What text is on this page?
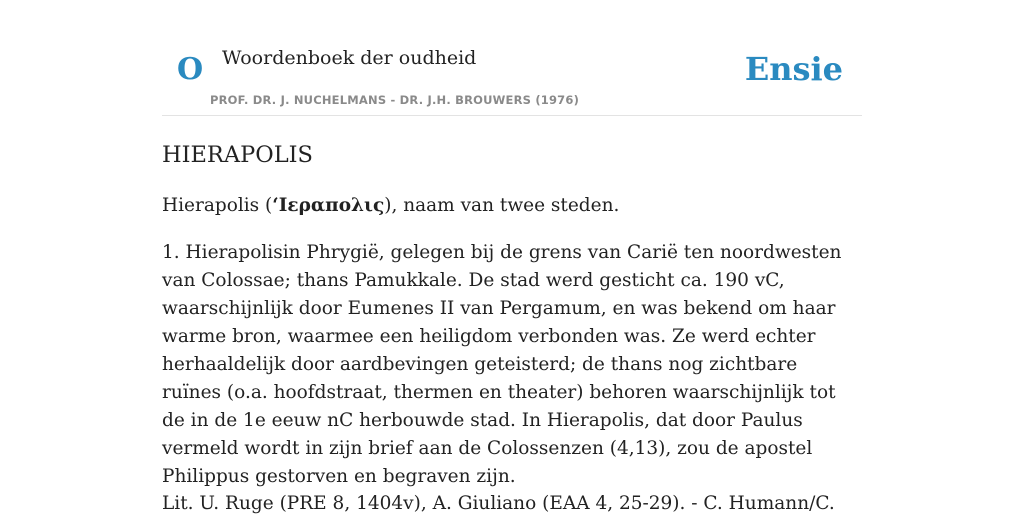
O Woordenboek der oudheid
PROF. DR. J. NUCHELMANS - DR. J.H. BROUWERS (1976)
Ensie
HIERAPOLIS

Hierapolis (‘Ιεραπολις), naam van twee steden.

1. Hierapolisin Phrygië, gelegen bij de grens van Carië ten noordwesten van Colossae; thans Pamukkale. De stad werd gesticht ca. 190 vC, waarschijnlijk door Eumenes II van Pergamum, en was bekend om haar warme bron, waarmee een heiligdom verbonden was. Ze werd echter herhaaldelijk door aardbevingen geteisterd; de thans nog zichtbare ruïnes (o.a. hoofdstraat, thermen en theater) behoren waarschijnlijk tot de in de 1e eeuw nC herbouwde stad. In Hierapolis, dat door Paulus vermeld wordt in zijn brief aan de Colossenzen (4,13), zou de apostel Philippus gestorven en begraven zijn.

Lit. U. Ruge (PRE 8, 1404v), A. Giuliano (EAA 4, 25-29). - C. Humann/C.
